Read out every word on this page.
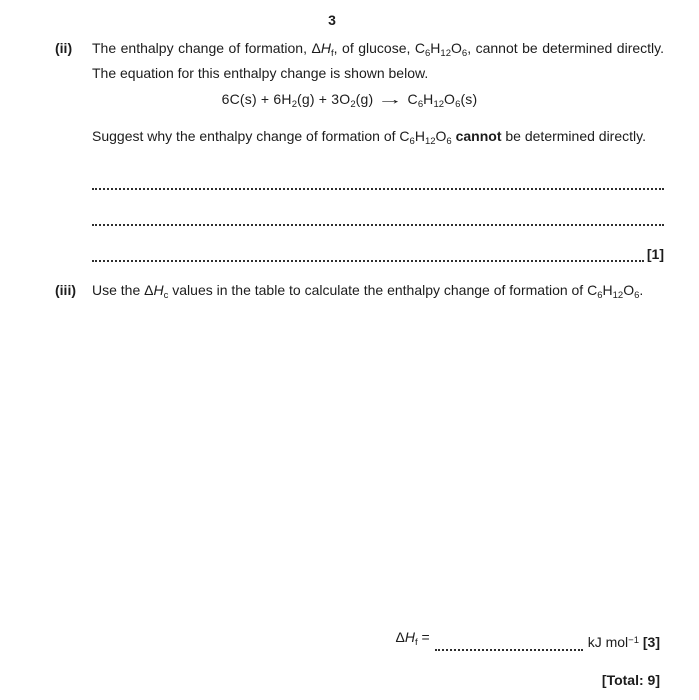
3
(ii)	The enthalpy change of formation, $\Delta H_f$, of glucose, $C_6H_{12}O_6$, cannot be determined directly. The equation for this enthalpy change is shown below.
$6C(s) + 6H_2(g) + 3O_2(g) \to C_6H_{12}O_6(s)$
Suggest why the enthalpy change of formation of $C_6H_{12}O_6$ cannot be determined directly.
[1]
(iii)	Use the $\Delta H_c$ values in the table to calculate the enthalpy change of formation of $C_6H_{12}O_6$.
$\Delta H_f$ =	kJ mol$^{-1}$ [3]
[Total: 9]
